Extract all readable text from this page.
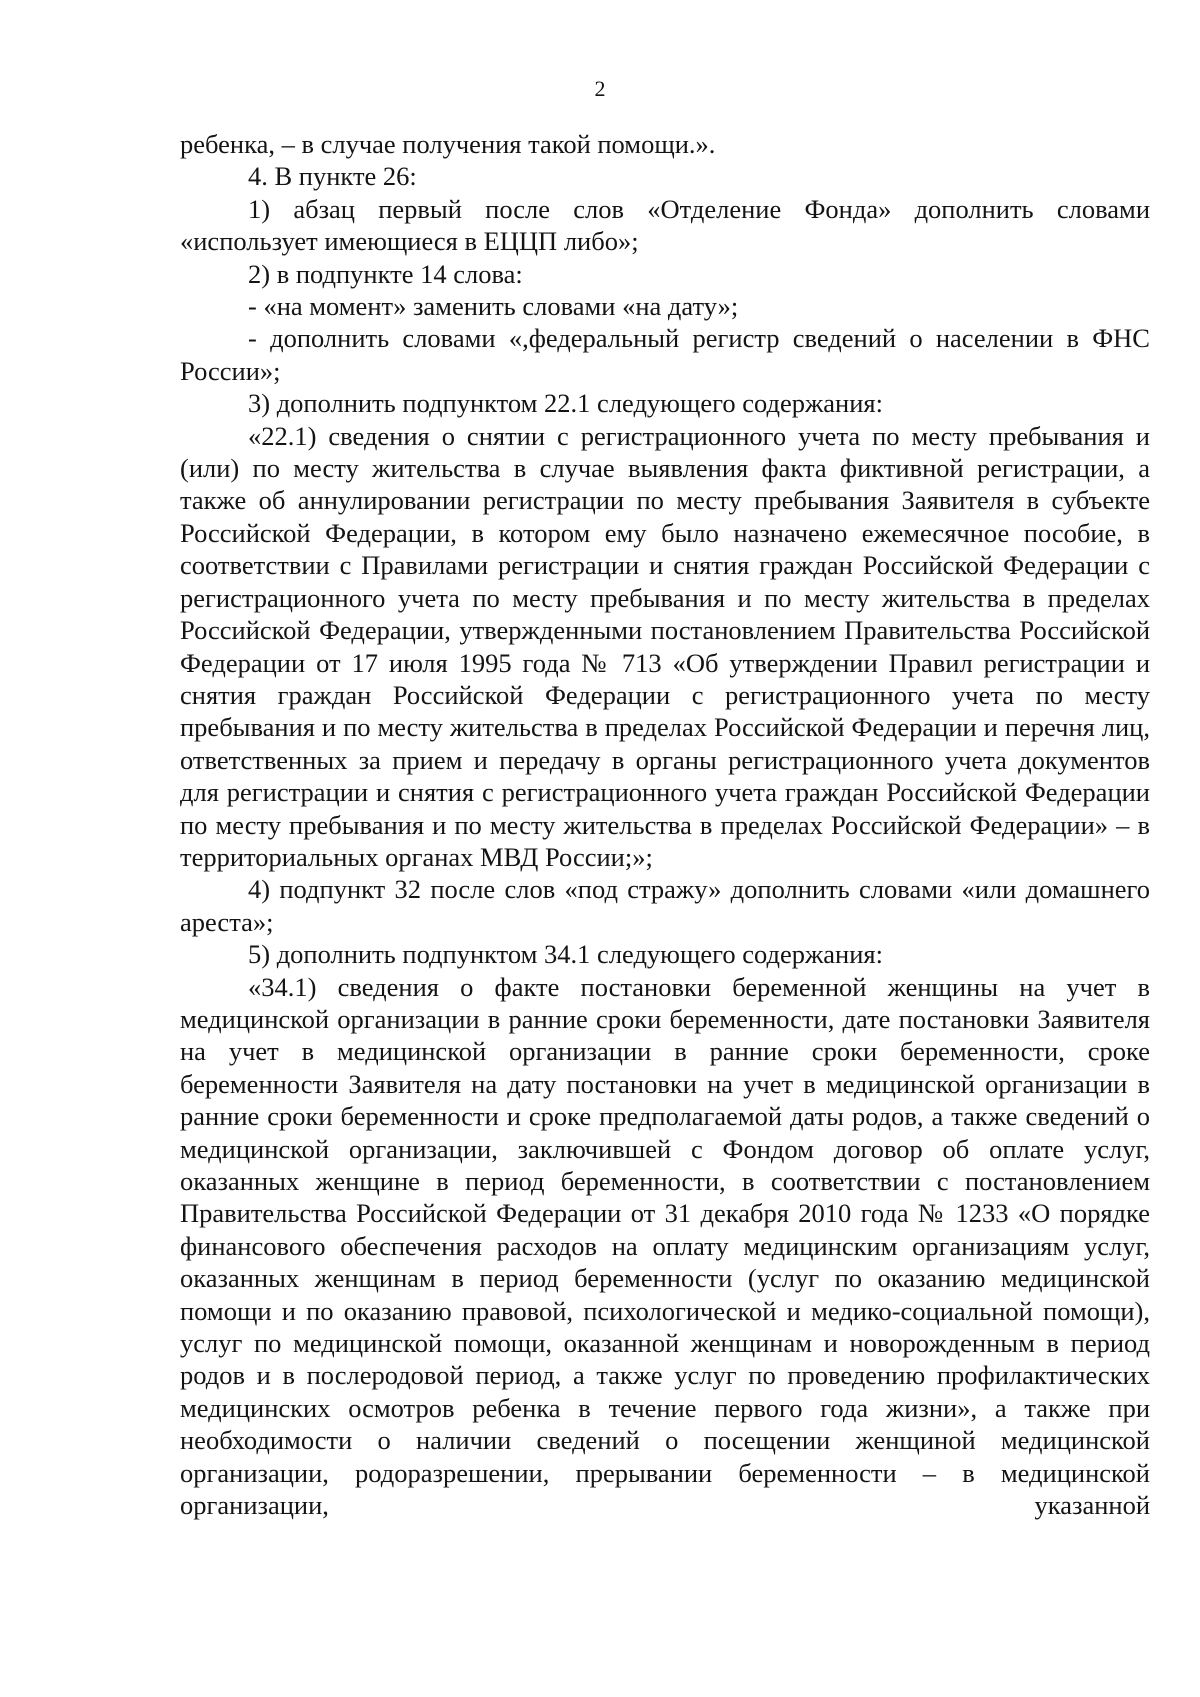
2

ребенка, – в случае получения такой помощи.».

4. В пункте 26:

1) абзац первый после слов «Отделение Фонда» дополнить словами «использует имеющиеся в ЕЦЦП либо»;

2) в подпункте 14 слова:

- «на момент» заменить словами «на дату»;

- дополнить словами «,федеральный регистр сведений о населении в ФНС России»;

3) дополнить подпунктом 22.1 следующего содержания:

«22.1) сведения о снятии с регистрационного учета по месту пребывания и (или) по месту жительства в случае выявления факта фиктивной регистрации, а также об аннулировании регистрации по месту пребывания Заявителя в субъекте Российской Федерации, в котором ему было назначено ежемесячное пособие, в соответствии с Правилами регистрации и снятия граждан Российской Федерации с регистрационного учета по месту пребывания и по месту жительства в пределах Российской Федерации, утвержденными постановлением Правительства Российской Федерации от 17 июля 1995 года № 713 «Об утверждении Правил регистрации и снятия граждан Российской Федерации с регистрационного учета по месту пребывания и по месту жительства в пределах Российской Федерации и перечня лиц, ответственных за прием и передачу в органы регистрационного учета документов для регистрации и снятия с регистрационного учета граждан Российской Федерации по месту пребывания и по месту жительства в пределах Российской Федерации» – в территориальных органах МВД России;»;

4) подпункт 32 после слов «под стражу» дополнить словами «или домашнего ареста»;

5) дополнить подпунктом 34.1 следующего содержания:

«34.1) сведения о факте постановки беременной женщины на учет в медицинской организации в ранние сроки беременности, дате постановки Заявителя на учет в медицинской организации в ранние сроки беременности, сроке беременности Заявителя на дату постановки на учет в медицинской организации в ранние сроки беременности и сроке предполагаемой даты родов, а также сведений о медицинской организации, заключившей с Фондом договор об оплате услуг, оказанных женщине в период беременности, в соответствии с постановлением Правительства Российской Федерации от 31 декабря 2010 года № 1233 «О порядке финансового обеспечения расходов на оплату медицинским организациям услуг, оказанных женщинам в период беременности (услуг по оказанию медицинской помощи и по оказанию правовой, психологической и медико-социальной помощи), услуг по медицинской помощи, оказанной женщинам и новорожденным в период родов и в послеродовой период, а также услуг по проведению профилактических медицинских осмотров ребенка в течение первого года жизни», а также при необходимости о наличии сведений о посещении женщиной медицинской организации, родоразрешении, прерывании беременности – в медицинской организации, указанной
